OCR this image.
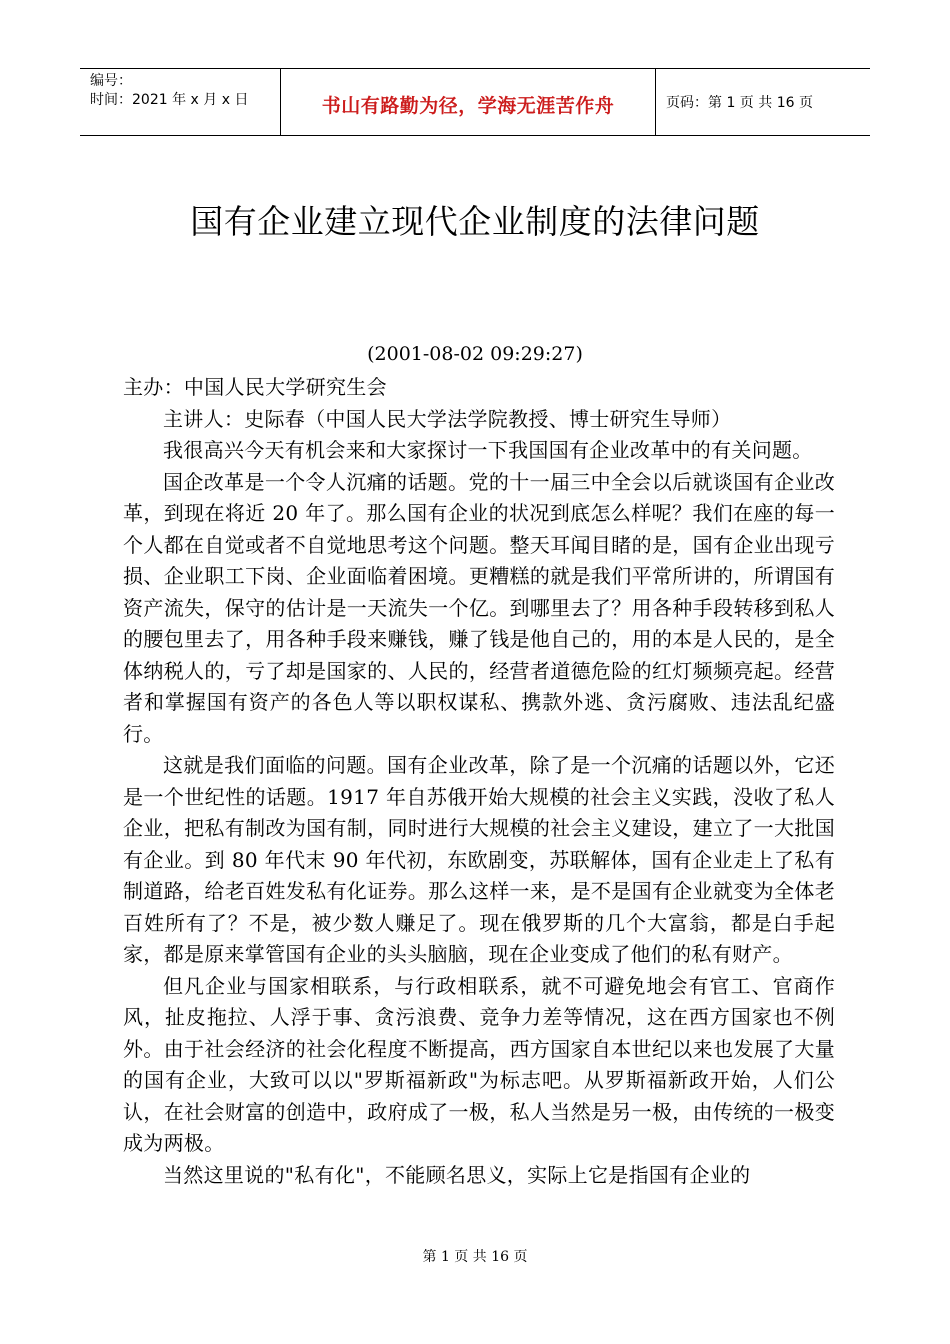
编号：
时间：2021 年 x 月 x 日	书山有路勤为径，学海无涯苦作舟	页码：第 1 页 共 16 页
国有企业建立现代企业制度的法律问题
(2001-08-02 09:29:27)

主办：中国人民大学研究生会

主讲人：史际春（中国人民大学法学院教授、博士研究生导师）

我很高兴今天有机会来和大家探讨一下我国国有企业改革中的有关问题。

国企改革是一个令人沉痛的话题。党的十一届三中全会以后就谈国有企业改革，到现在将近 20 年了。那么国有企业的状况到底怎么样呢？我们在座的每一个人都在自觉或者不自觉地思考这个问题。整天耳闻目睹的是，国有企业出现亏损、企业职工下岗、企业面临着困境。更糟糕的就是我们平常所讲的，所谓国有资产流失，保守的估计是一天流失一个亿。到哪里去了？用各种手段转移到私人的腰包里去了，用各种手段来赚钱，赚了钱是他自己的，用的本是人民的，是全体纳税人的，亏了却是国家的、人民的，经营者道德危险的红灯频频亮起。经营者和掌握国有资产的各色人等以职权谋私、携款外逃、贪污腐败、违法乱纪盛行。

这就是我们面临的问题。国有企业改革，除了是一个沉痛的话题以外，它还是一个世纪性的话题。1917 年自苏俄开始大规模的社会主义实践，没收了私人企业，把私有制改为国有制，同时进行大规模的社会主义建设，建立了一大批国有企业。到 80 年代末 90 年代初，东欧剧变，苏联解体，国有企业走上了私有制道路，给老百姓发私有化证券。那么这样一来，是不是国有企业就变为全体老百姓所有了？不是，被少数人赚足了。现在俄罗斯的几个大富翁，都是白手起家，都是原来掌管国有企业的头头脑脑，现在企业变成了他们的私有财产。

但凡企业与国家相联系，与行政相联系，就不可避免地会有官工、官商作风，扯皮拖拉、人浮于事、贪污浪费、竞争力差等情况，这在西方国家也不例外。由于社会经济的社会化程度不断提高，西方国家自本世纪以来也发展了大量的国有企业，大致可以以"罗斯福新政"为标志吧。从罗斯福新政开始，人们公认，在社会财富的创造中，政府成了一极，私人当然是另一极，由传统的一极变成为两极。

当然这里说的"私有化"，不能顾名思义，实际上它是指国有企业的

第 1 页 共 16 页
